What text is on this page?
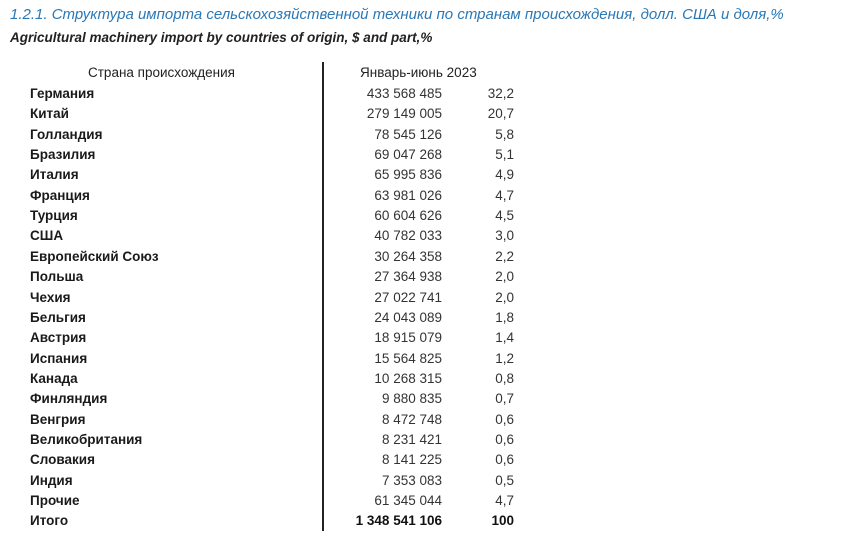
1.2.1. Структура импорта сельскохозяйственной техники по странам происхождения, долл. США и доля,%
Agricultural machinery import by countries of origin, $ and part,%
Страна происхождения	Январь-июнь 2023
Германия	433 568 485	32,2
Китай	279 149 005	20,7
Голландия	78 545 126	5,8
Бразилия	69 047 268	5,1
Италия	65 995 836	4,9
Франция	63 981 026	4,7
Турция	60 604 626	4,5
США	40 782 033	3,0
Европейский Союз	30 264 358	2,2
Польша	27 364 938	2,0
Чехия	27 022 741	2,0
Бельгия	24 043 089	1,8
Австрия	18 915 079	1,4
Испания	15 564 825	1,2
Канада	10 268 315	0,8
Финляндия	9 880 835	0,7
Венгрия	8 472 748	0,6
Великобритания	8 231 421	0,6
Словакия	8 141 225	0,6
Индия	7 353 083	0,5
Прочие	61 345 044	4,7
Итого	1 348 541 106	100
